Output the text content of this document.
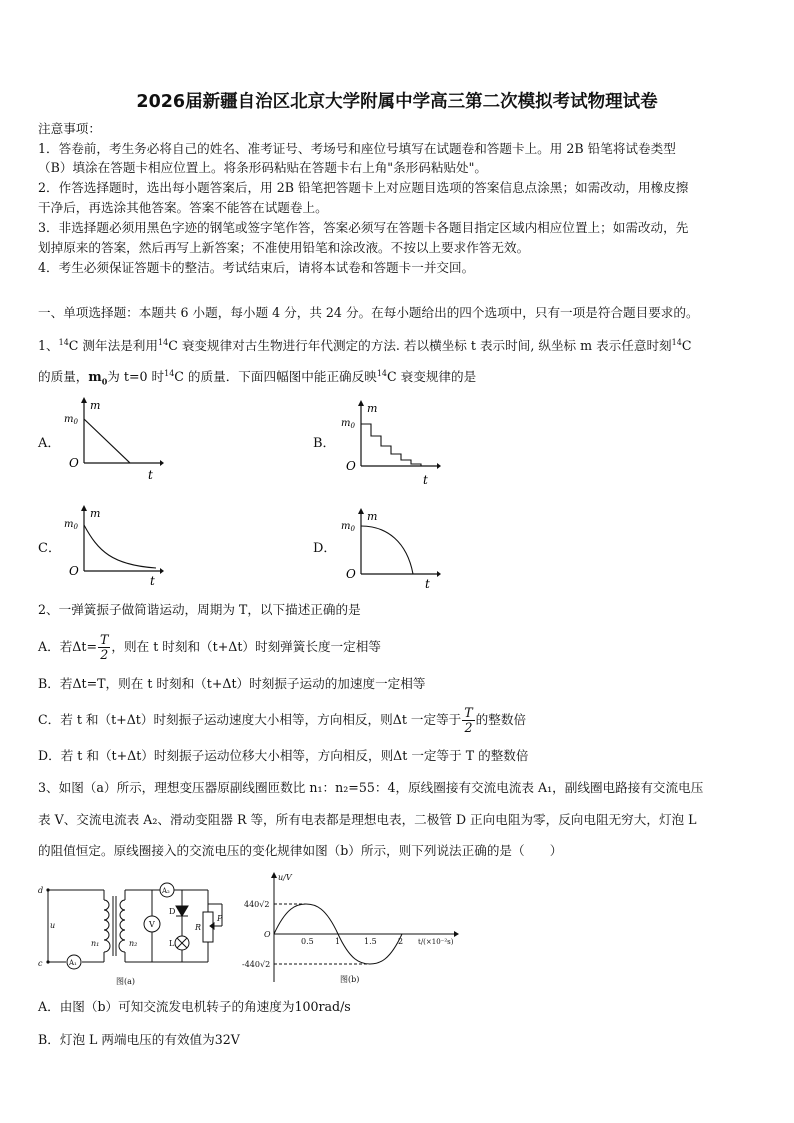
2026届新疆自治区北京大学附属中学高三第二次模拟考试物理试卷
注意事项：
1．答卷前，考生务必将自己的姓名、准考证号、考场号和座位号填写在试题卷和答题卡上。用 2B 铅笔将试卷类型
（B）填涂在答题卡相应位置上。将条形码粘贴在答题卡右上角"条形码粘贴处"。
2．作答选择题时，选出每小题答案后，用 2B 铅笔把答题卡上对应题目选项的答案信息点涂黑；如需改动，用橡皮擦
干净后，再选涂其他答案。答案不能答在试题卷上。
3．非选择题必须用黑色字迹的钢笔或签字笔作答，答案必须写在答题卡各题目指定区域内相应位置上；如需改动，先
划掉原来的答案，然后再写上新答案；不准使用铅笔和涂改液。不按以上要求作答无效。
4．考生必须保证答题卡的整洁。考试结束后，请将本试卷和答题卡一并交回。
一、单项选择题：本题共 6 小题，每小题 4 分，共 24 分。在每小题给出的四个选项中，只有一项是符合题目要求的。
1、$^{14}$C 测年法是利用$^{14}$C 衰变规律对古生物进行年代测定的方法. 若以横坐标 t 表示时间, 纵坐标 m 表示任意时刻$^{14}$C
的质量，$m_0$为 t=0 时$^{14}$C 的质量．下面四幅图中能正确反映$^{14}$C 衰变规律的是
A．	B．
C．	D．
m
$m_0$
O
t
m
$m_0$
O
t
m
$m_0$
O
t
m
$m_0$
O
t
2、一弹簧振子做简谐运动，周期为 T，以下描述正确的是
A．若$\Delta t= \frac{T}{2}$ ，则在 t 时刻和（t+Δt）时刻弹簧长度一定相等
B．若Δt=T，则在 t 时刻和（t+Δt）时刻振子运动的加速度一定相等
C．若 t 和（t+Δt）时刻振子运动速度大小相等，方向相反，则Δt 一定等于 $\frac{T}{2}$ 的整数倍
D．若 t 和（t+Δt）时刻振子运动位移大小相等，方向相反，则Δt 一定等于 T 的整数倍
3、如图（a）所示，理想变压器原副线圈匝数比 n₁：n₂=55：4，原线圈接有交流电流表 A₁，副线圈电路接有交流电压
表 V、交流电流表 A₂、滑动变阻器 R 等，所有电表都是理想电表，二极管 D 正向电阻为零，反向电阻无穷大，灯泡 L
的阻值恒定。原线圈接入的交流电压的变化规律如图（b）所示，则下列说法正确的是（　　）
d
c
u
n₁	n₂
A₁
A₂
V
D
L
R
P
图(a)
u/V
440√2
-440√2
O
0.5	1	1.5	2 t/(×10⁻²s)
图(b)
A．由图（b）可知交流发电机转子的角速度为100rad/s
B．灯泡 L 两端电压的有效值为32V
